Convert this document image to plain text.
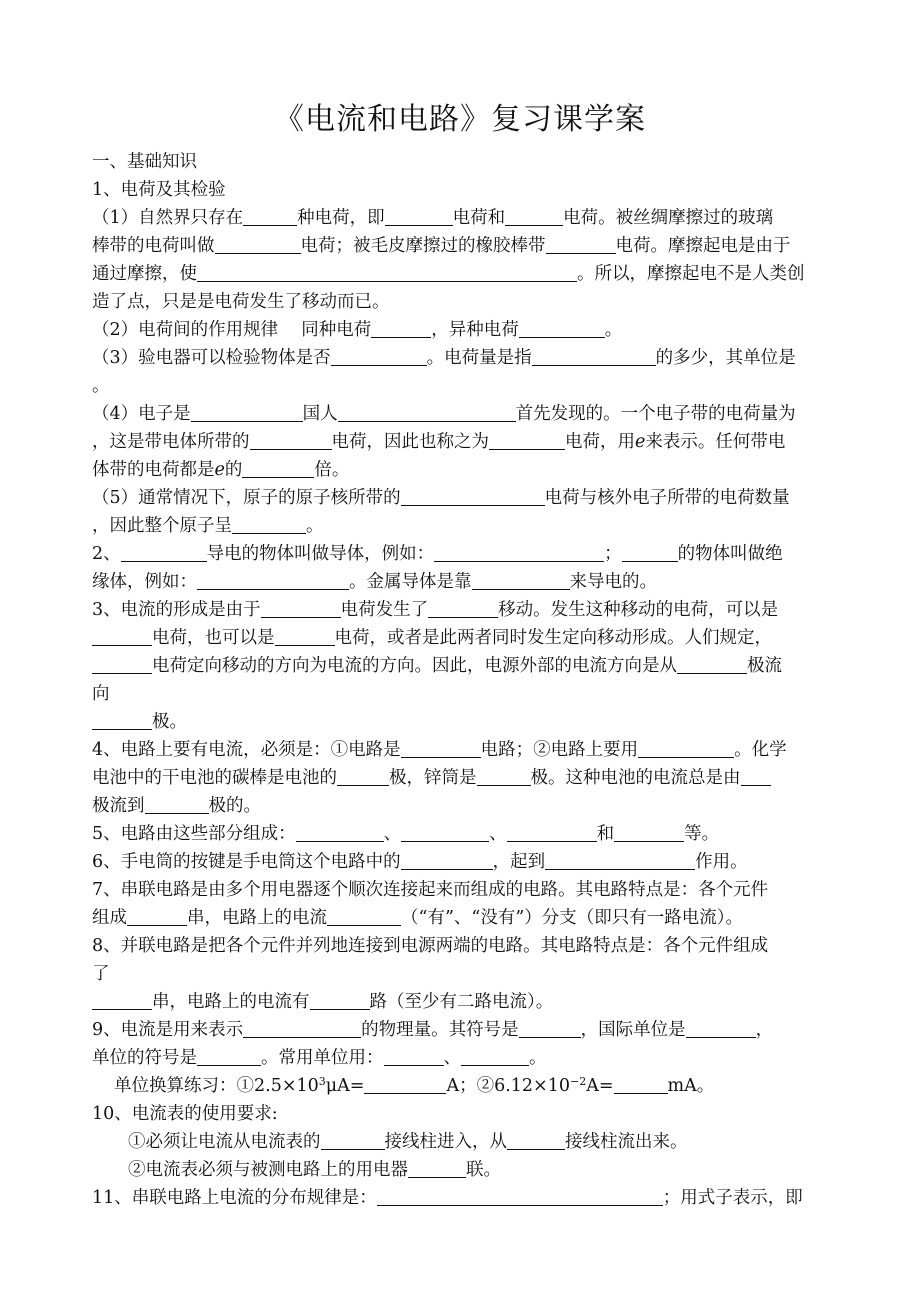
《电流和电路》复习课学案
一、基础知识
1、电荷及其检验
（1）自然界只存在	种电荷，即	电荷和	电荷。被丝绸摩擦过的玻璃
棒带的电荷叫做	电荷；被毛皮摩擦过的橡胶棒带	电荷。摩擦起电是由于
通过摩擦，使	。所以，摩擦起电不是人类创
造了点，只是是电荷发生了移动而已。
（2）电荷间的作用规律　 同种电荷	，异种电荷	。
（3）验电器可以检验物体是否	。电荷量是指	的多少，其单位是
。
（4）电子是	国人	首先发现的。一个电子带的电荷量为
，这是带电体所带的	电荷，因此也称之为	电荷，用e来表示。任何带电
体带的电荷都是e的	倍。
（5）通常情况下，原子的原子核所带的	电荷与核外电子所带的电荷数量
，因此整个原子呈	。
2、	导电的物体叫做导体，例如：	；	的物体叫做绝
缘体，例如：	。金属导体是靠	来导电的。
3、电流的形成是由于	电荷发生了	移动。发生这种移动的电荷，可以是
电荷，也可以是	电荷，或者是此两者同时发生定向移动形成。人们规定，
电荷定向移动的方向为电流的方向。因此，电源外部的电流方向是从	极流
向
极。
4、电路上要有电流，必须是：①电路是	电路；②电路上要用	。化学
电池中的干电池的碳棒是电池的	极，锌筒是	极。这种电池的电流总是由
极流到	极的。
5、电路由这些部分组成：	、	、	和	等。
6、手电筒的按键是手电筒这个电路中的	，起到	作用。
7、串联电路是由多个用电器逐个顺次连接起来而组成的电路。其电路特点是：各个元件
组成	串，电路上的电流	（“有”、“没有”）分支（即只有一路电流）。
8、并联电路是把各个元件并列地连接到电源两端的电路。其电路特点是：各个元件组成
了
串，电路上的电流有	路（至少有二路电流）。
9、电流是用来表示	的物理量。其符号是	，国际单位是	，
单位的符号是	。常用单位用：	、	。
单位换算练习：$①2.5\times 10^3\mu A=$	A；$②6.12\times 10^{-2}A=$	mA。
10、电流表的使用要求:
①必须让电流从电流表的	接线柱进入，从	接线柱流出来。
②电流表必须与被测电路上的用电器	联。
11、串联电路上电流的分布规律是：	；用式子表示，即
